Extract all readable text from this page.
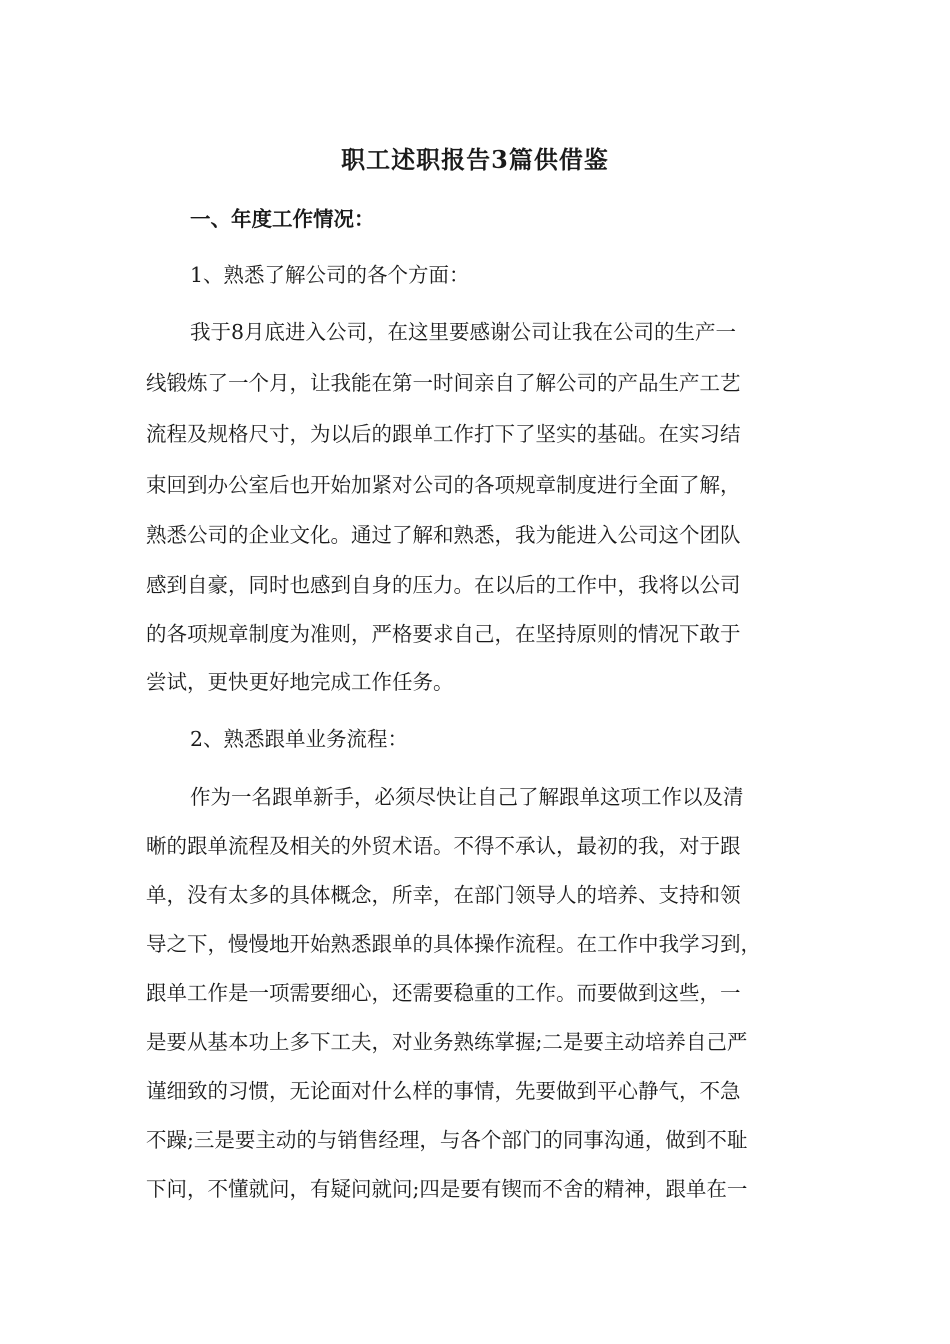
职工述职报告3篇供借鉴
一、年度工作情况：
1、熟悉了解公司的各个方面：
我于8月底进入公司，在这里要感谢公司让我在公司的生产一
线锻炼了一个月，让我能在第一时间亲自了解公司的产品生产工艺
流程及规格尺寸，为以后的跟单工作打下了坚实的基础。在实习结
束回到办公室后也开始加紧对公司的各项规章制度进行全面了解，
熟悉公司的企业文化。通过了解和熟悉，我为能进入公司这个团队
感到自豪，同时也感到自身的压力。在以后的工作中，我将以公司
的各项规章制度为准则，严格要求自己，在坚持原则的情况下敢于
尝试，更快更好地完成工作任务。
2、熟悉跟单业务流程：
作为一名跟单新手，必须尽快让自己了解跟单这项工作以及清
晰的跟单流程及相关的外贸术语。不得不承认，最初的我，对于跟
单，没有太多的具体概念，所幸，在部门领导人的培养、支持和领
导之下，慢慢地开始熟悉跟单的具体操作流程。在工作中我学习到，
跟单工作是一项需要细心，还需要稳重的工作。而要做到这些，一
是要从基本功上多下工夫，对业务熟练掌握;二是要主动培养自己严
谨细致的习惯，无论面对什么样的事情，先要做到平心静气，不急
不躁;三是要主动的与销售经理，与各个部门的同事沟通，做到不耻
下问，不懂就问，有疑问就问;四是要有锲而不舍的精神，跟单在一
